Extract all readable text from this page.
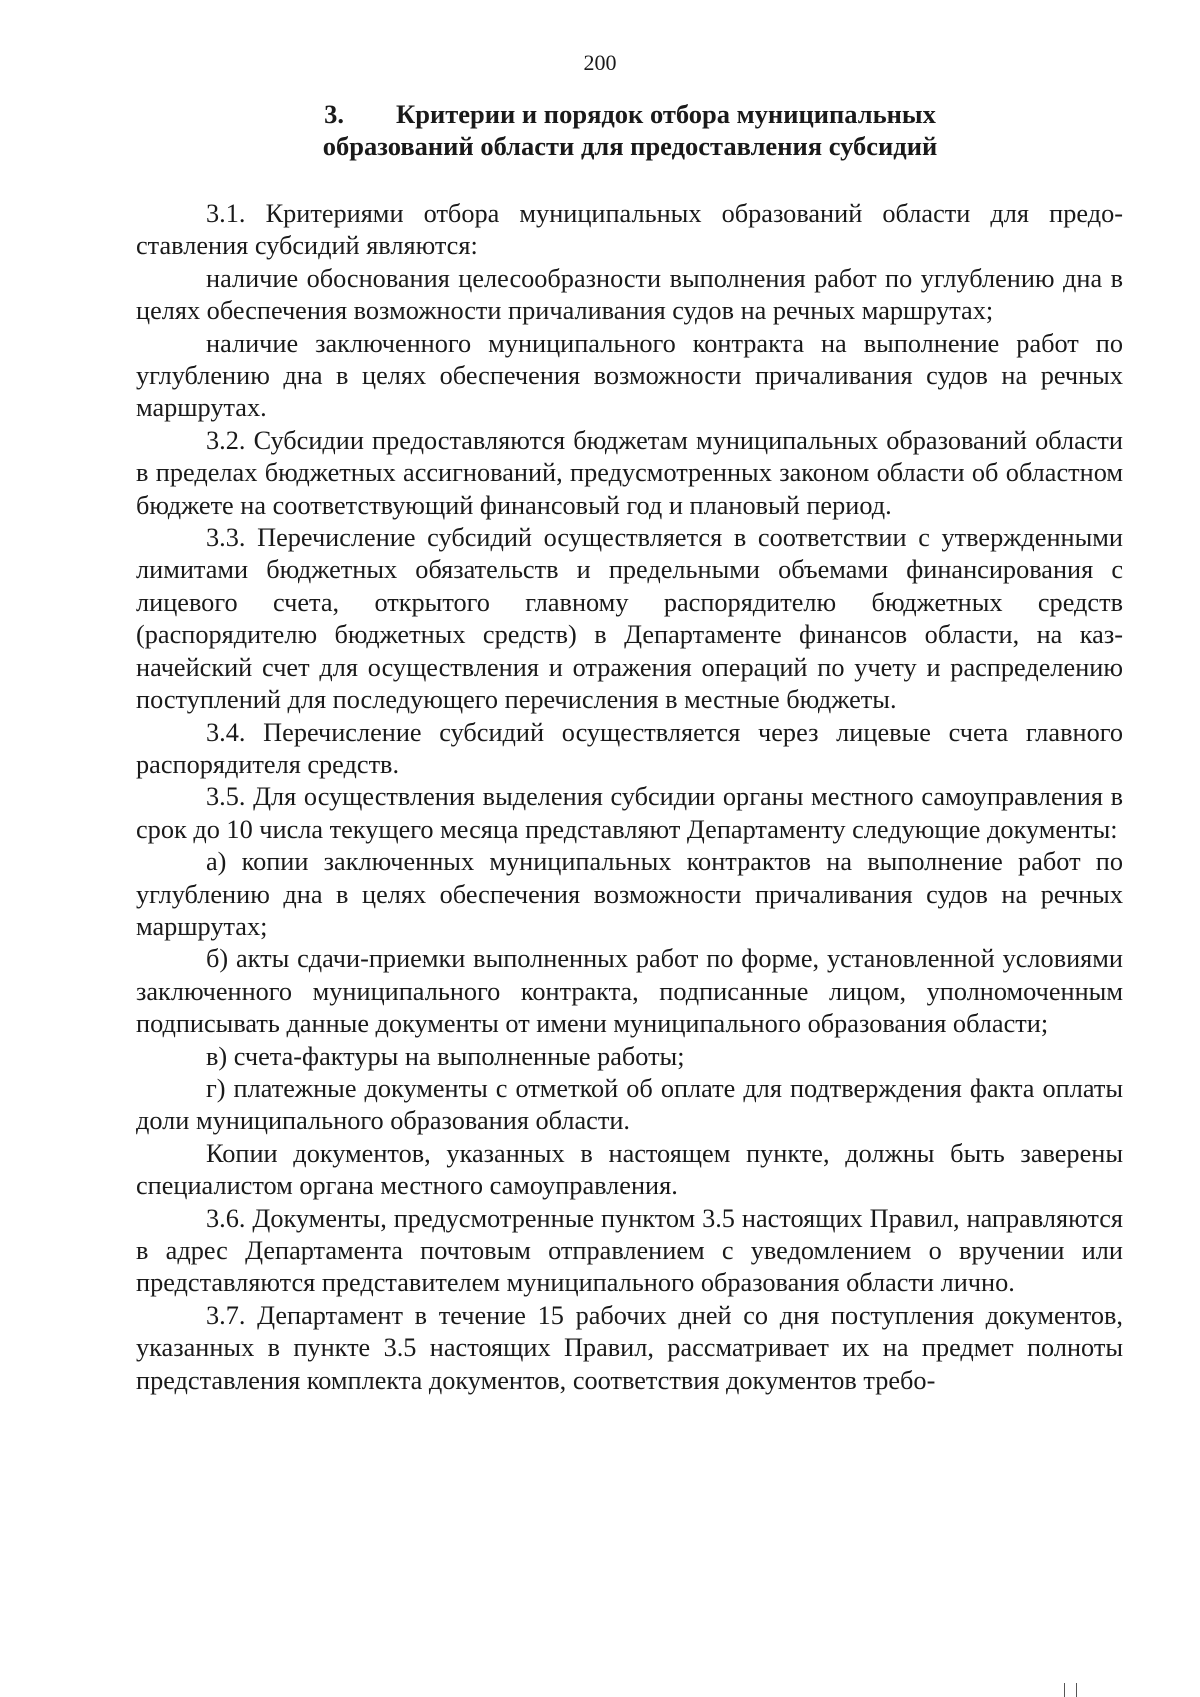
200
3. Критерии и порядок отбора муниципальных
образований области для предоставления субсидий

3.1. Критериями отбора муниципальных образований области для предоставления субсидий являются:

наличие обоснования целесообразности выполнения работ по углублению дна в целях обеспечения возможности причаливания судов на речных маршрутах;

наличие заключенного муниципального контракта на выполнение работ по углублению дна в целях обеспечения возможности причаливания судов на речных маршрутах.

3.2. Субсидии предоставляются бюджетам муниципальных образований области в пределах бюджетных ассигнований, предусмотренных законом области об областном бюджете на соответствующий финансовый год и плановый период.

3.3. Перечисление субсидий осуществляется в соответствии с утвержденными лимитами бюджетных обязательств и предельными объемами финансирования с лицевого счета, открытого главному распорядителю бюджетных средств (распорядителю бюджетных средств) в Департаменте финансов области, на казначейский счет для осуществления и отражения операций по учету и распределению поступлений для последующего перечисления в местные бюджеты.

3.4. Перечисление субсидий осуществляется через лицевые счета главного распорядителя средств.

3.5. Для осуществления выделения субсидии органы местного самоуправления в срок до 10 числа текущего месяца представляют Департаменту следующие документы:

а) копии заключенных муниципальных контрактов на выполнение работ по углублению дна в целях обеспечения возможности причаливания судов на речных маршрутах;

б) акты сдачи-приемки выполненных работ по форме, установленной условиями заключенного муниципального контракта, подписанные лицом, уполномоченным подписывать данные документы от имени муниципального образования области;

в) счета-фактуры на выполненные работы;

г) платежные документы с отметкой об оплате для подтверждения факта оплаты доли муниципального образования области.

Копии документов, указанных в настоящем пункте, должны быть заверены специалистом органа местного самоуправления.

3.6. Документы, предусмотренные пунктом 3.5 настоящих Правил, направляются в адрес Департамента почтовым отправлением с уведомлением о вручении или представляются представителем муниципального образования области лично.

3.7. Департамент в течение 15 рабочих дней со дня поступления документов, указанных в пункте 3.5 настоящих Правил, рассматривает их на предмет полноты представления комплекта документов, соответствия документов требо-
